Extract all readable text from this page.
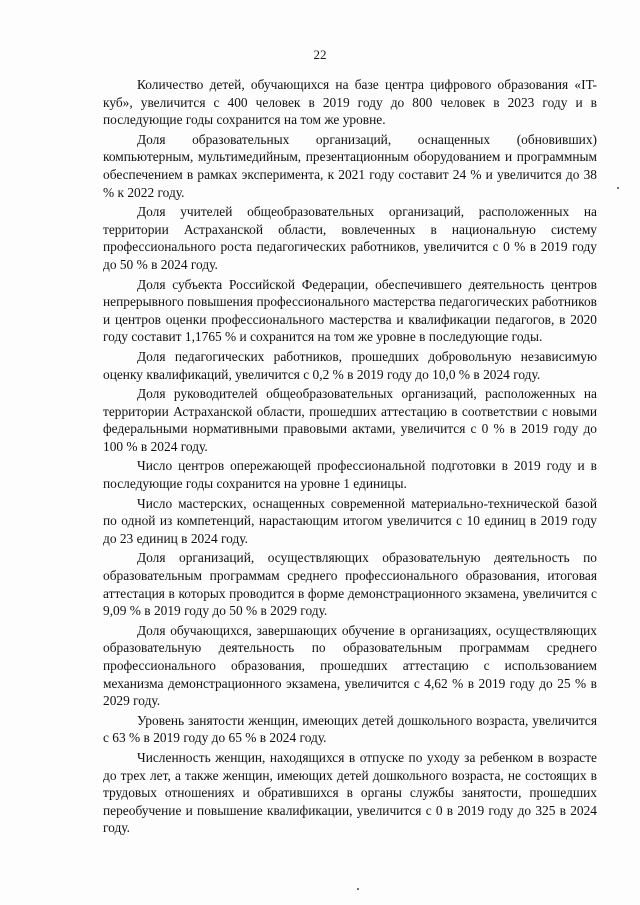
22

Количество детей, обучающихся на базе центра цифрового образования «IT-куб», увеличится с 400 человек в 2019 году до 800 человек в 2023 году и в последующие годы сохранится на том же уровне.

Доля образовательных организаций, оснащенных (обновивших) компьютерным, мультимедийным, презентационным оборудованием и программным обеспечением в рамках эксперимента, к 2021 году составит 24 % и увеличится до 38 % к 2022 году.

Доля учителей общеобразовательных организаций, расположенных на территории Астраханской области, вовлеченных в национальную систему профессионального роста педагогических работников, увеличится с 0 % в 2019 году до 50 % в 2024 году.

Доля субъекта Российской Федерации, обеспечившего деятельность центров непрерывного повышения профессионального мастерства педагогических работников и центров оценки профессионального мастерства и квалификации педагогов, в 2020 году составит 1,1765 % и сохранится на том же уровне в последующие годы.

Доля педагогических работников, прошедших добровольную независимую оценку квалификаций, увеличится с 0,2 % в 2019 году до 10,0 % в 2024 году.

Доля руководителей общеобразовательных организаций, расположенных на территории Астраханской области, прошедших аттестацию в соответствии с новыми федеральными нормативными правовыми актами, увеличится с 0 % в 2019 году до 100 % в 2024 году.

Число центров опережающей профессиональной подготовки в 2019 году и в последующие годы сохранится на уровне 1 единицы.

Число мастерских, оснащенных современной материально-технической базой по одной из компетенций, нарастающим итогом увеличится с 10 единиц в 2019 году до 23 единиц в 2024 году.

Доля организаций, осуществляющих образовательную деятельность по образовательным программам среднего профессионального образования, итоговая аттестация в которых проводится в форме демонстрационного экзамена, увеличится с 9,09 % в 2019 году до 50 % в 2029 году.

Доля обучающихся, завершающих обучение в организациях, осуществляющих образовательную деятельность по образовательным программам среднего профессионального образования, прошедших аттестацию с использованием механизма демонстрационного экзамена, увеличится с 4,62 % в 2019 году до 25 % в 2029 году.

Уровень занятости женщин, имеющих детей дошкольного возраста, увеличится с 63 % в 2019 году до 65 % в 2024 году.

Численность женщин, находящихся в отпуске по уходу за ребенком в возрасте до трех лет, а также женщин, имеющих детей дошкольного возраста, не состоящих в трудовых отношениях и обратившихся в органы службы занятости, прошедших переобучение и повышение квалификации, увеличится с 0 в 2019 году до 325 в 2024 году.
